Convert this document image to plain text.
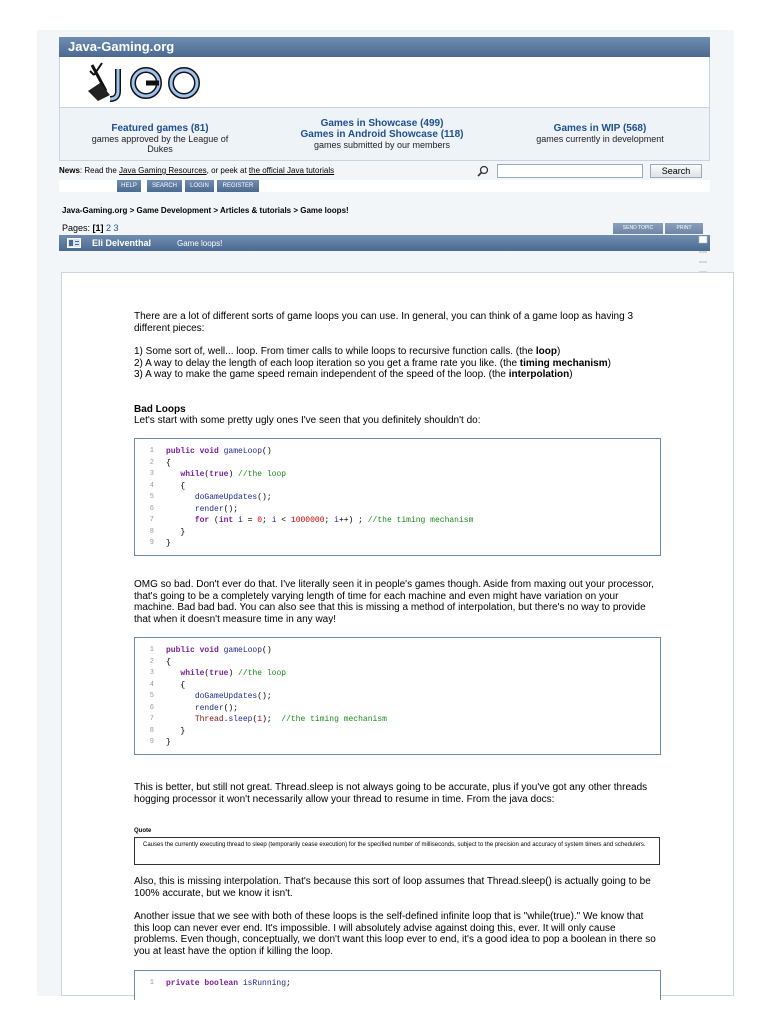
Java-Gaming.org
Featured games (81)
games approved by the League of Dukes
Games in Showcase (499)
Games in Android Showcase (118)
games submitted by our members
Games in WIP (568)
games currently in development
News: Read the Java Gaming Resources, or peek at the official Java tutorials	Search
HELP	SEARCH	LOGIN	REGISTER
Java-Gaming.org > Game Development > Articles & tutorials > Game loops!
Pages: [1] 2 3	SEND TOPIC	PRINT
Eli Delventhal	Game loops!
There are a lot of different sorts of game loops you can use. In general, you can think of a game loop as having 3 different pieces:
1) Some sort of, well... loop. From timer calls to while loops to recursive function calls. (the loop)
2) A way to delay the length of each loop iteration so you get a frame rate you like. (the timing mechanism)
3) A way to make the game speed remain independent of the speed of the loop. (the interpolation)
Bad Loops
Let's start with some pretty ugly ones I've seen that you definitely shouldn't do:
1 public void gameLoop()
2 {
3	while(true) //the loop
4 {
5	doGameUpdates();
6	render();
7	for (int i = 0; i < 1000000; i++) ; //the timing mechanism
8 }
9 }
OMG so bad. Don't ever do that. I've literally seen it in people's games though. Aside from maxing out your processor, that's going to be a completely varying length of time for each machine and even might have variation on your machine. Bad bad bad. You can also see that this is missing a method of interpolation, but there's no way to provide that when it doesn't measure time in any way!
1 public void gameLoop()
2 {
3	while(true) //the loop
4 {
5	doGameUpdates();
6	render();
7	Thread.sleep(1);  //the timing mechanism
8 }
9 }
This is better, but still not great. Thread.sleep is not always going to be accurate, plus if you've got any other threads hogging processor it won't necessarily allow your thread to resume in time. From the java docs:
Quote
Causes the currently executing thread to sleep (temporarily cease execution) for the specified number of milliseconds, subject to the precision and accuracy of system timers and schedulers.
Also, this is missing interpolation. That's because this sort of loop assumes that Thread.sleep() is actually going to be 100% accurate, but we know it isn't.
Another issue that we see with both of these loops is the self-defined infinite loop that is "while(true)." We know that this loop can never ever end. It's impossible. I will absolutely advise against doing this, ever. It will only cause problems. Even though, conceptually, we don't want this loop ever to end, it's a good idea to pop a boolean in there so you at least have the option if killing the loop.
1 private boolean isRunning;
